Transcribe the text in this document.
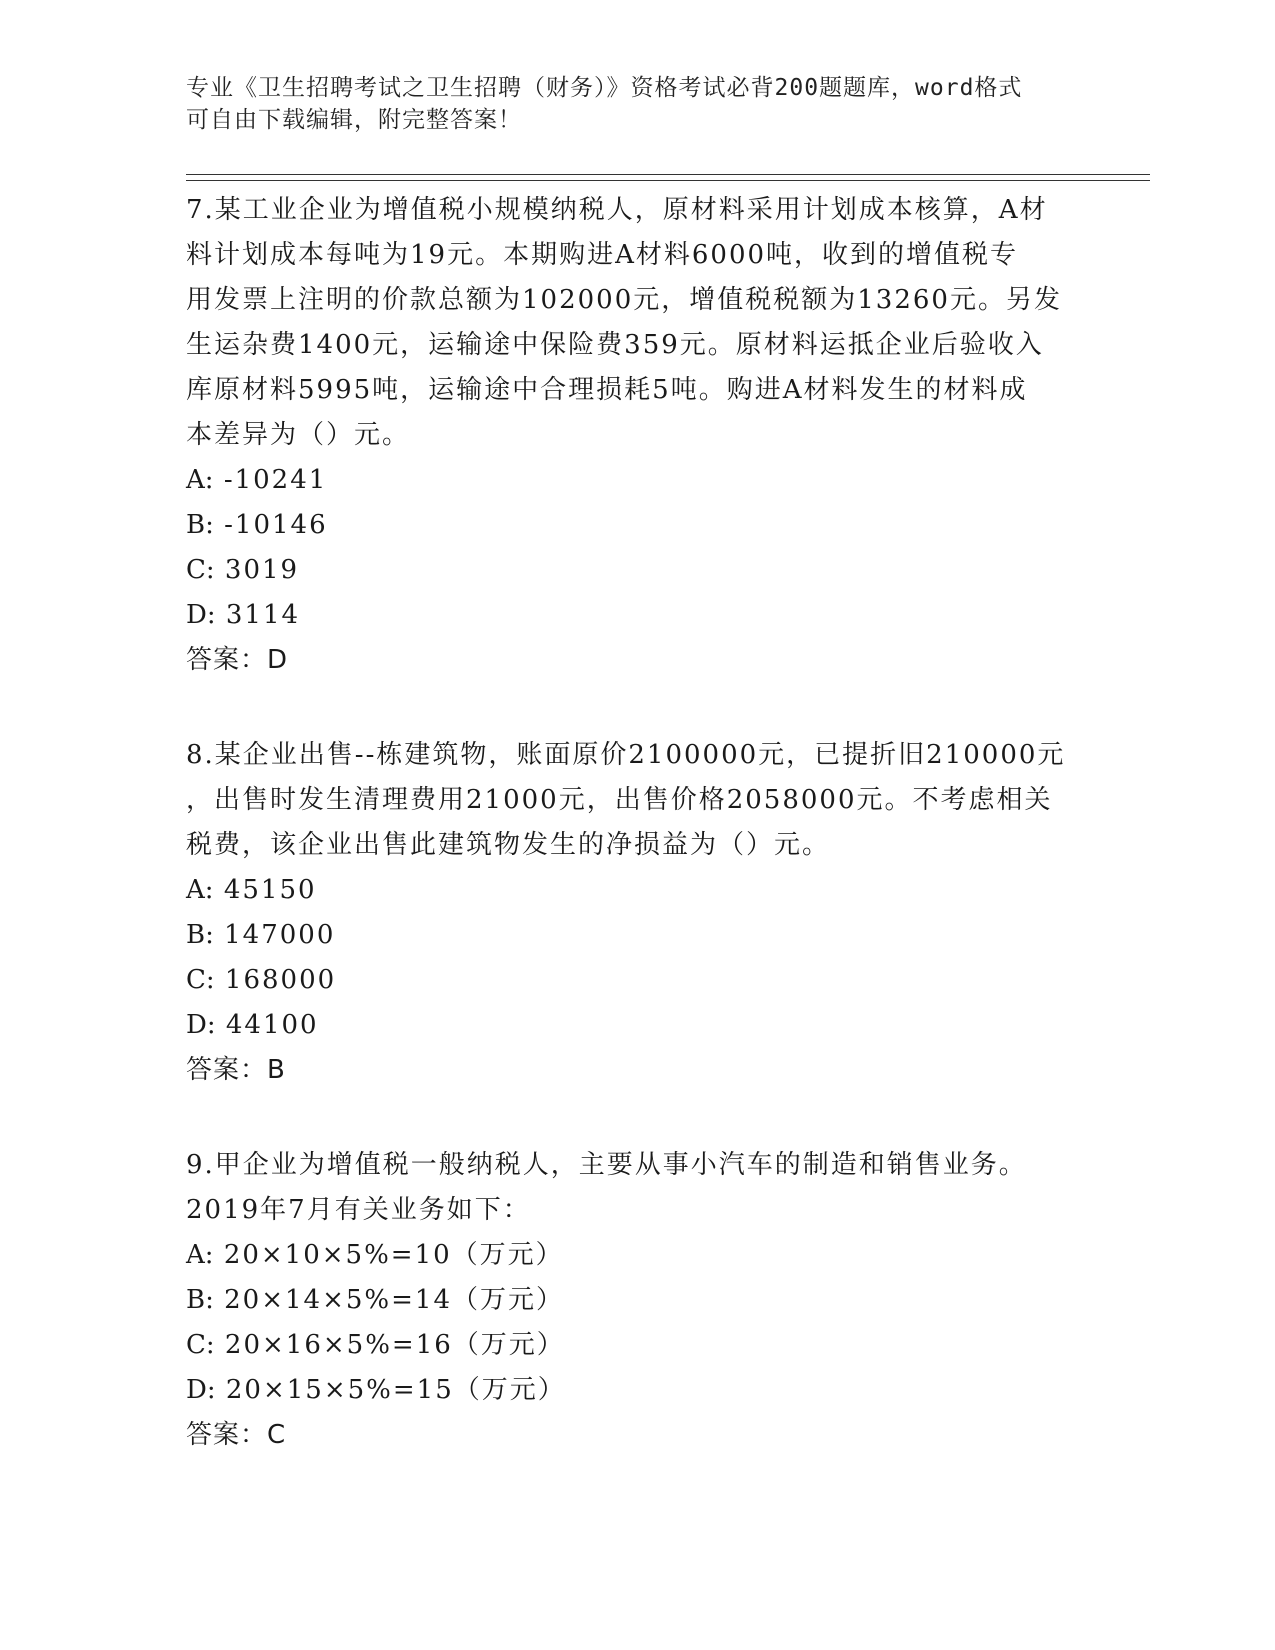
专业《卫生招聘考试之卫生招聘（财务）》资格考试必背200题题库，word格式
可自由下载编辑，附完整答案！
7.某工业企业为增值税小规模纳税人，原材料采用计划成本核算，A材
料计划成本每吨为19元。本期购进A材料6000吨，收到的增值税专
用发票上注明的价款总额为102000元，增值税税额为13260元。另发
生运杂费1400元，运输途中保险费359元。原材料运抵企业后验收入
库原材料5995吨，运输途中合理损耗5吨。购进A材料发生的材料成
本差异为（）元。
A: -10241
B: -10146
C: 3019
D: 3114
答案：D
8.某企业出售--栋建筑物，账面原价2100000元，已提折旧210000元
，出售时发生清理费用21000元，出售价格2058000元。不考虑相关
税费，该企业出售此建筑物发生的净损益为（）元。
A: 45150
B: 147000
C: 168000
D: 44100
答案：B
9.甲企业为增值税一般纳税人，主要从事小汽车的制造和销售业务。
2019年7月有关业务如下：
A: 20×10×5%=10（万元）
B: 20×14×5%=14（万元）
C: 20×16×5%=16（万元）
D: 20×15×5%=15（万元）
答案：C
